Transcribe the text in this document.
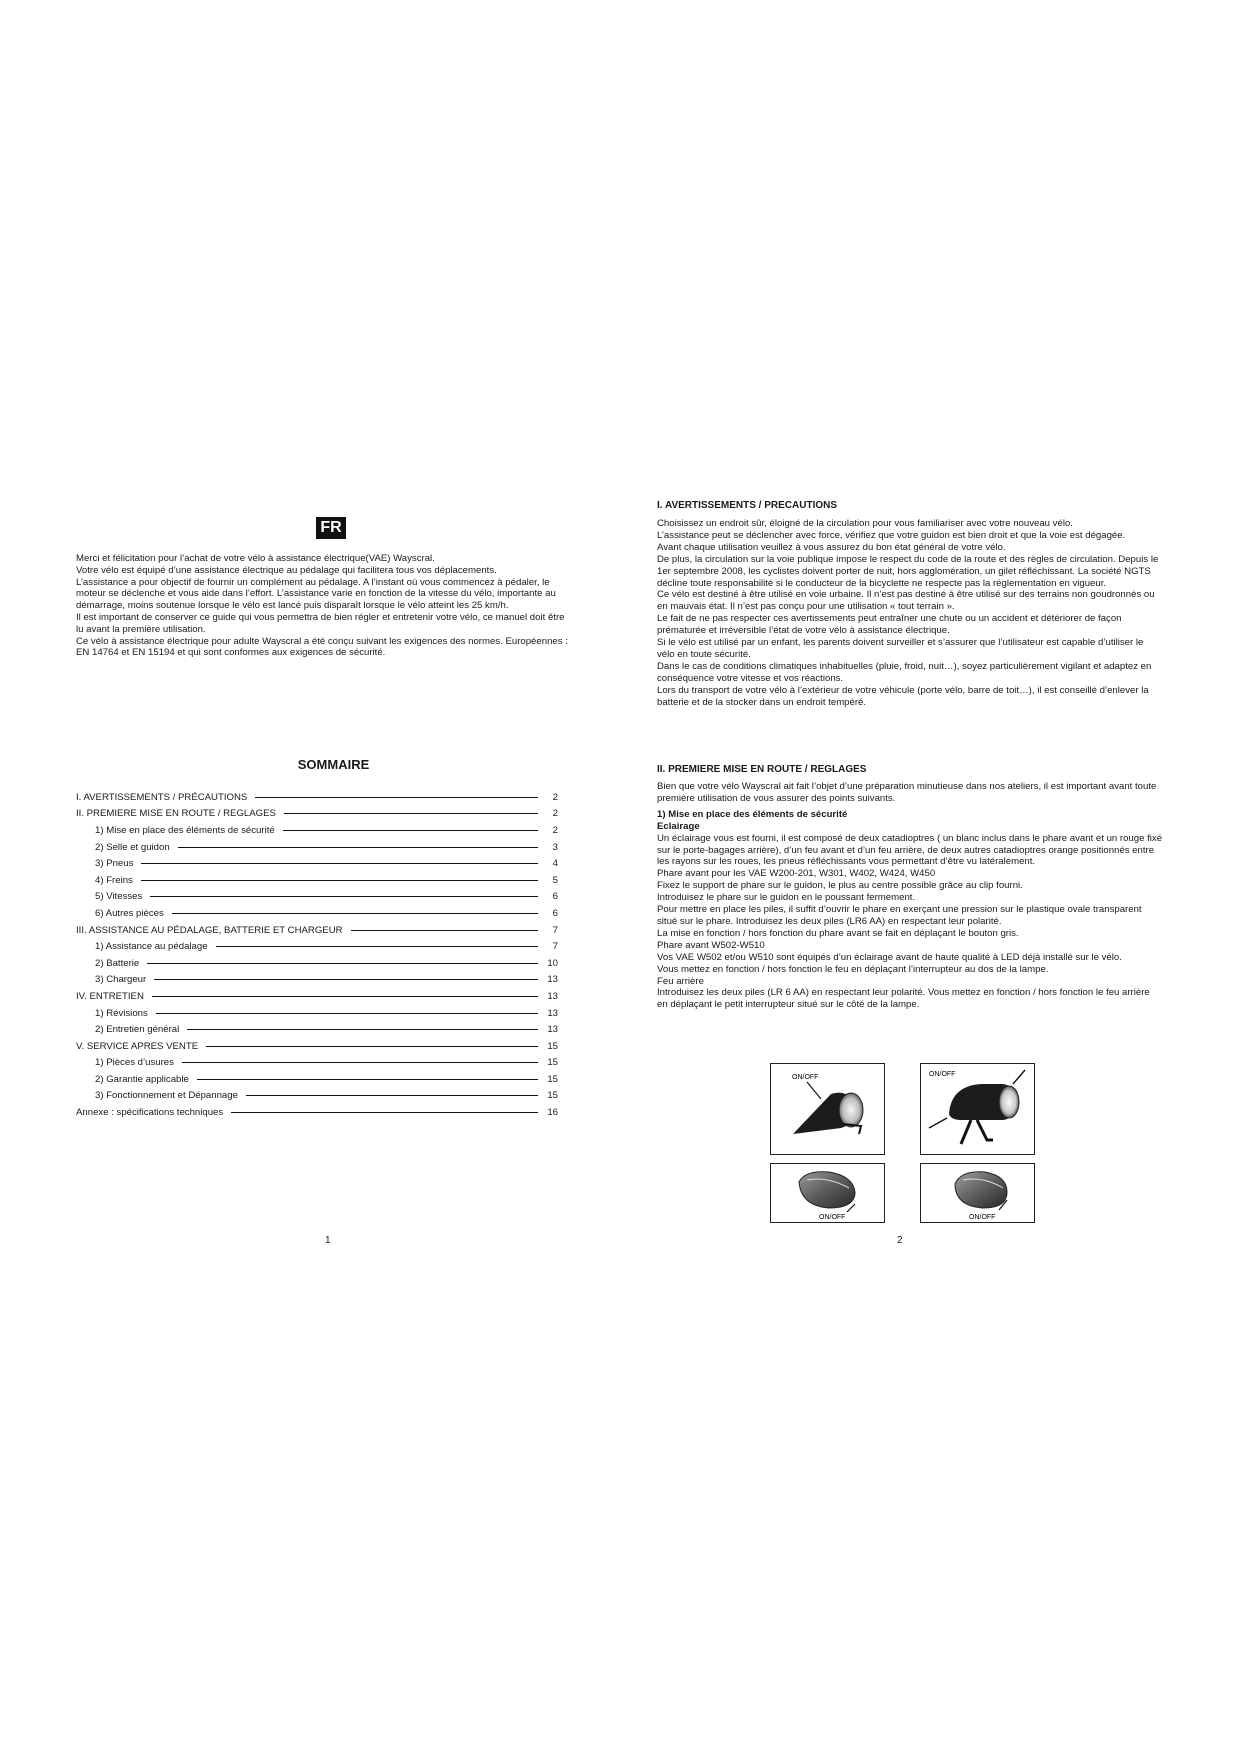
FR

Merci et félicitation pour l’achat de votre vélo à assistance électrique(VAE) Wayscral.

Votre vélo est équipé d’une assistance électrique au pédalage qui facilitera tous vos déplacements.

L’assistance a pour objectif de fournir un complément au pédalage. A l’instant où vous commencez à pédaler, le moteur se déclenche et vous aide dans l’effort. L’assistance varie en fonction de la vitesse du vélo, importante au démarrage, moins soutenue lorsque le vélo est lancé puis disparaît lorsque le vélo atteint les 25 km/h.

Il est important de conserver ce guide qui vous permettra de bien régler et entretenir votre vélo, ce manuel doit être lu avant la première utilisation.

Ce vélo à assistance électrique pour adulte Wayscral a été conçu suivant les exigences des normes. Européennes : EN 14764 et EN 15194 et qui sont conformes aux exigences de sécurité.

SOMMAIRE
I. AVERTISSEMENTS / PRÉCAUTIONS	2
II. PREMIERE MISE EN ROUTE / REGLAGES	2
1) Mise en place des éléments de sécurité	2
2) Selle et guidon	3
3) Pneus	4
4) Freins	5
5) Vitesses	6
6) Autres pièces	6
III. ASSISTANCE AU PÉDALAGE, BATTERIE ET CHARGEUR	7
1) Assistance au pédalage	7
2) Batterie	10
3) Chargeur	13
IV. ENTRETIEN	13
1) Révisions	13
2) Entretien général	13
V. SERVICE APRES VENTE	15
1) Pièces d’usures	15
2) Garantie applicable	15
3) Fonctionnement et Dépannage	15
Annexe : spécifications techniques	16
1
I. AVERTISSEMENTS / PRECAUTIONS

Choisissez un endroit sûr, éloigné de la circulation pour vous familiariser avec votre nouveau vélo.

L’assistance peut se déclencher avec force, vérifiez que votre guidon est bien droit et que la voie est dégagée.

Avant chaque utilisation veuillez à vous assurez du bon état général de votre vélo.

De plus, la circulation sur la voie publique impose le respect du code de la route et des règles de circulation. Depuis le 1er septembre 2008, les cyclistes doivent porter de nuit, hors agglomération, un gilet réfléchissant. La société NGTS décline toute responsabilité si le conducteur de la bicyclette ne respecte pas la réglementation en vigueur.

Ce vélo est destiné à être utilisé en voie urbaine. Il n’est pas destiné à être utilisé sur des terrains non goudronnés ou en mauvais état. Il n’est pas conçu pour une utilisation « tout terrain ».

Le fait de ne pas respecter ces avertissements peut entraîner une chute ou un accident et détériorer de façon prématurée et irréversible l’état de votre vélo à assistance électrique.

Si le vélo est utilisé par un enfant, les parents doivent surveiller et s’assurer que l’utilisateur est capable d’utiliser le vélo en toute sécurité.

Dans le cas de conditions climatiques inhabituelles (pluie, froid, nuit…), soyez particulièrement vigilant et adaptez en conséquence votre vitesse et vos réactions.

Lors du transport de votre vélo à l’extérieur de votre véhicule (porte vélo, barre de toit…), il est conseillé d’enlever la batterie et de la stocker dans un endroit tempéré.

II. PREMIERE MISE EN ROUTE / REGLAGES

Bien que votre vélo Wayscral ait fait l’objet d’une préparation minutieuse dans nos ateliers, il est important avant toute première utilisation de vous assurer des points suivants.

1) Mise en place des éléments de sécurité

Eclairage

Un éclairage vous est fourni, il est composé de deux catadioptres ( un blanc inclus dans le phare avant et un rouge fixé sur le porte-bagages arrière), d’un feu avant et d’un feu arrière, de deux autres catadioptres orange positionnés entre les rayons sur les roues, les pneus réfléchissants vous permettant d’être vu latéralement.

Phare avant pour les VAE W200-201, W301, W402, W424, W450

Fixez le support de phare sur le guidon, le plus au centre possible grâce au clip fourni.

Introduisez le phare sur le guidon en le poussant fermement.

Pour mettre en place les piles, il suffit d’ouvrir le phare en exerçant une pression sur le plastique ovale transparent situé sur le phare. Introduisez les deux piles (LR6 AA) en respectant leur polarité.

La mise en fonction / hors fonction du phare avant se fait en déplaçant le bouton gris.

Phare avant W502-W510

Vos VAE W502 et/ou W510 sont équipés d’un éclairage avant de haute qualité à LED déjà installé sur le vélo.

Vous mettez en fonction / hors fonction le feu en déplaçant l’interrupteur au dos de la lampe.

Feu arrière

Introduisez les deux piles (LR 6 AA) en respectant leur polarité. Vous mettez en fonction / hors fonction le feu arrière en déplaçant le petit interrupteur situé sur le côté de la lampe.

ON/OFF	ON/OFF
ON/OFF	ON/OFF
2
